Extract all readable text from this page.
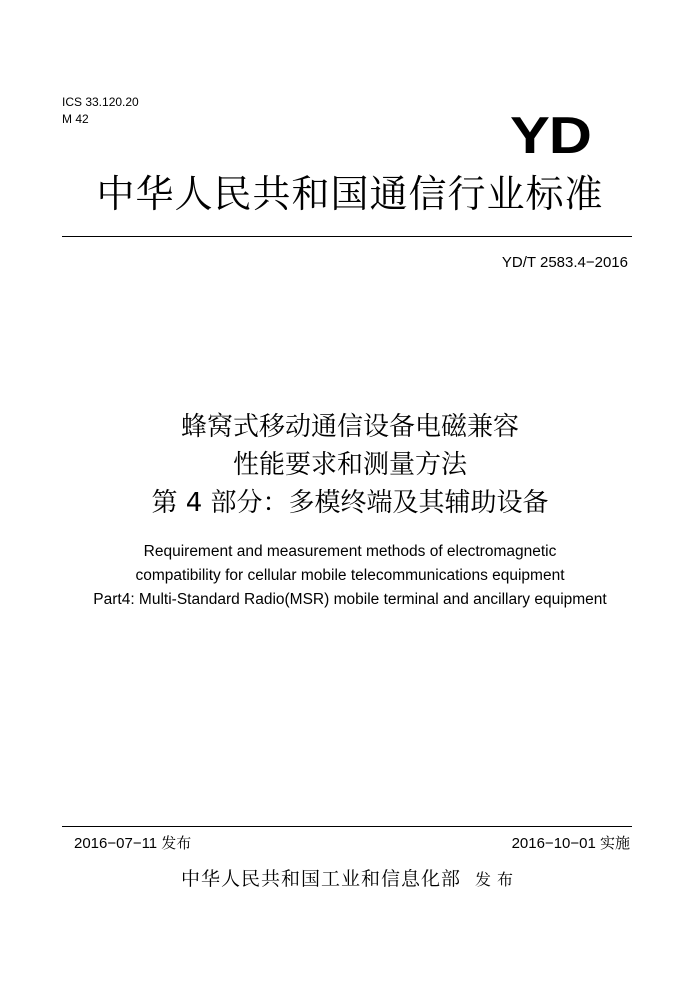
ICS 33.120.20
M 42	YD
中华人民共和国通信行业标准
YD/T 2583.4−2016
蜂窝式移动通信设备电磁兼容
性能要求和测量方法
第 4 部分：多模终端及其辅助设备
Requirement and measurement methods of electromagnetic
compatibility for cellular mobile telecommunications equipment
Part4: Multi-Standard Radio(MSR) mobile terminal and ancillary equipment
2016−07−11 发布	2016−10−01 实施
中华人民共和国工业和信息化部 发布
